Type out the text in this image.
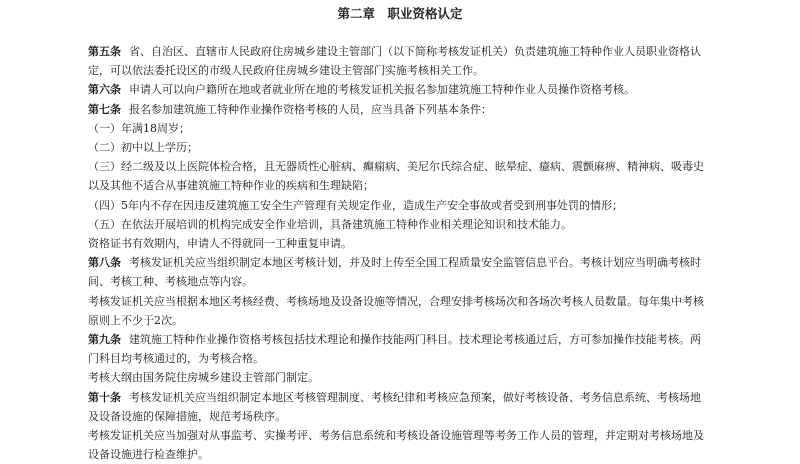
第二章　职业资格认定

第五条 省、自治区、直辖市人民政府住房城乡建设主管部门（以下简称考核发证机关）负责建筑施工特种作业人员职业资格认定，可以依法委托设区的市级人民政府住房城乡建设主管部门实施考核相关工作。

第六条 申请人可以向户籍所在地或者就业所在地的考核发证机关报名参加建筑施工特种作业人员操作资格考核。

第七条 报名参加建筑施工特种作业操作资格考核的人员，应当具备下列基本条件：

（一）年满18周岁；

（二）初中以上学历；

（三）经二级及以上医院体检合格，且无器质性心脏病、癫痫病、美尼尔氏综合症、眩晕症、癔病、震颤麻痹、精神病、吸毒史以及其他不适合从事建筑施工特种作业的疾病和生理缺陷；

（四）5年内不存在因违反建筑施工安全生产管理有关规定作业，造成生产安全事故或者受到刑事处罚的情形；

（五）在依法开展培训的机构完成安全作业培训，具备建筑施工特种作业相关理论知识和技术能力。

资格证书有效期内，申请人不得就同一工种重复申请。

第八条 考核发证机关应当组织制定本地区考核计划，并及时上传至全国工程质量安全监管信息平台。考核计划应当明确考核时间、考核工种、考核地点等内容。

考核发证机关应当根据本地区考核经费、考核场地及设备设施等情况，合理安排考核场次和各场次考核人员数量。每年集中考核原则上不少于2次。

第九条 建筑施工特种作业操作资格考核包括技术理论和操作技能两门科目。技术理论考核通过后，方可参加操作技能考核。两门科目均考核通过的，为考核合格。

考核大纲由国务院住房城乡建设主管部门制定。

第十条 考核发证机关应当组织制定本地区考核管理制度、考核纪律和考核应急预案，做好考核设备、考务信息系统、考核场地及设备设施的保障措施，规范考场秩序。

考核发证机关应当加强对从事监考、实操考评、考务信息系统和考核设备设施管理等考务工作人员的管理，并定期对考核场地及设备设施进行检查维护。
